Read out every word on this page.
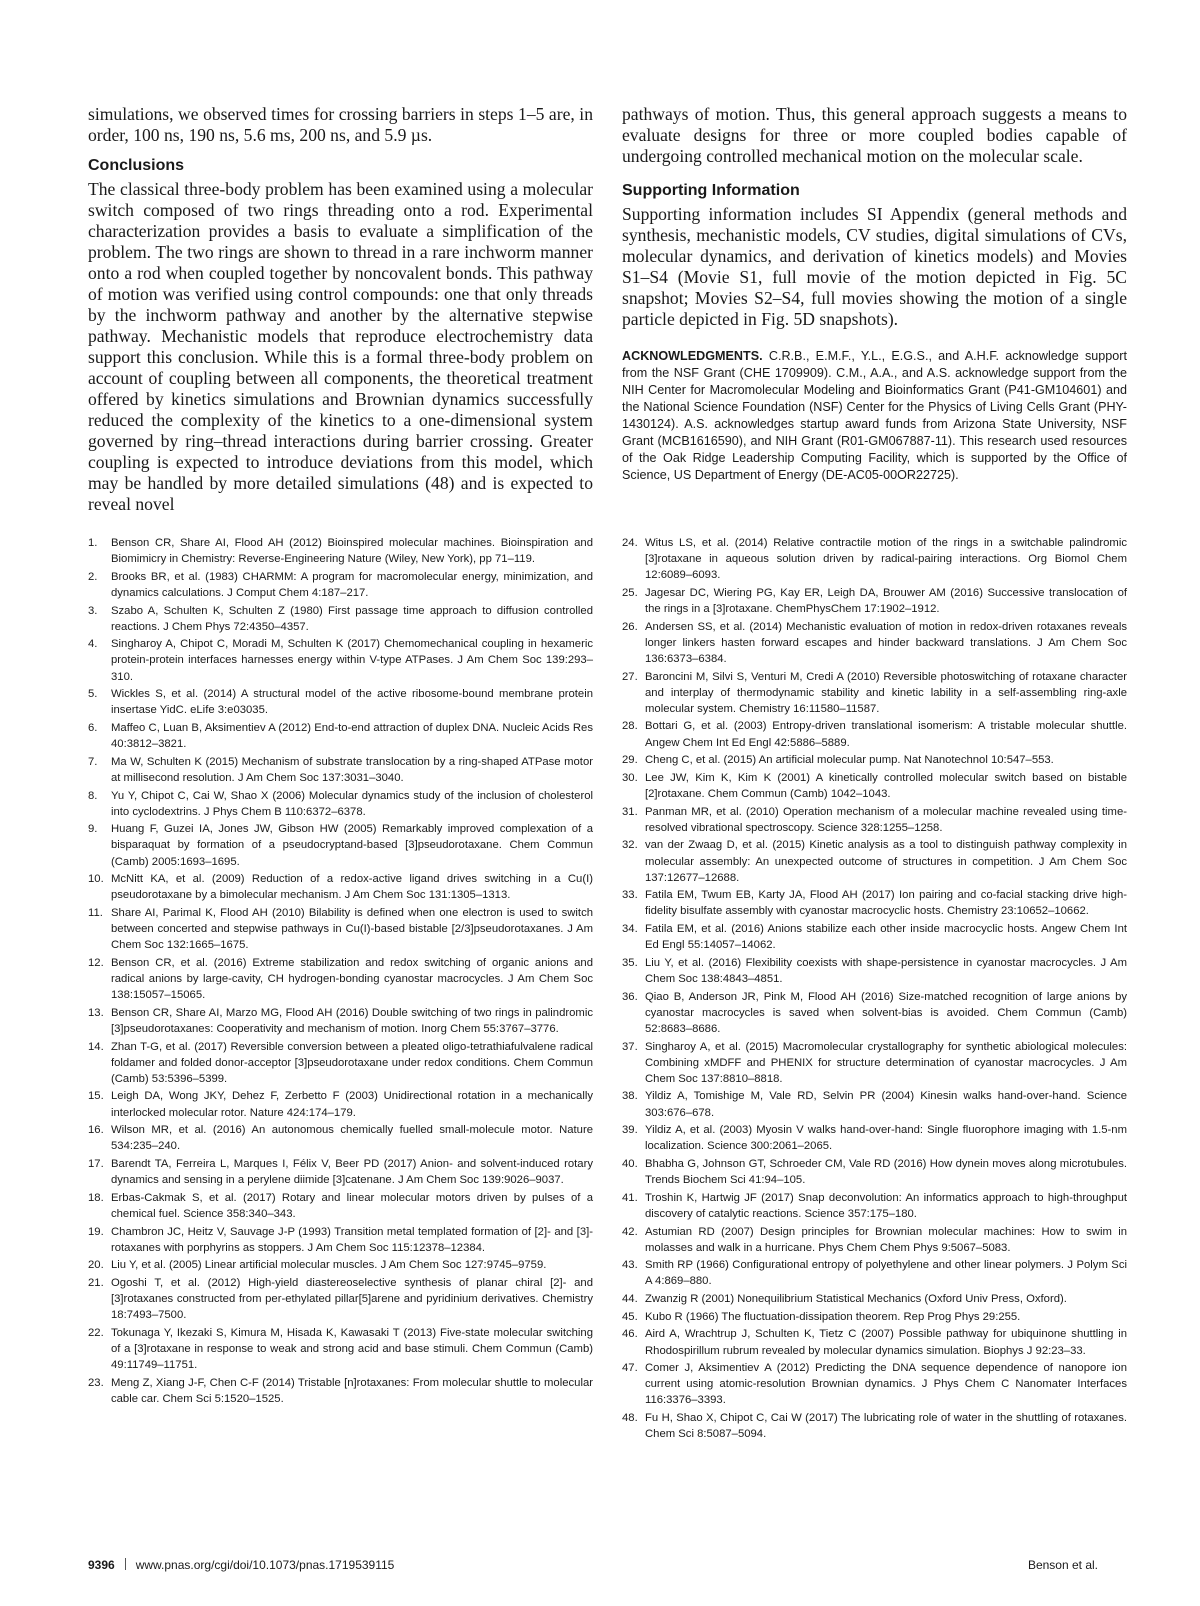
simulations, we observed times for crossing barriers in steps 1–5 are, in order, 100 ns, 190 ns, 5.6 ms, 200 ns, and 5.9 µs.

Conclusions

The classical three-body problem has been examined using a molecular switch composed of two rings threading onto a rod. Experimental characterization provides a basis to evaluate a simplification of the problem. The two rings are shown to thread in a rare inchworm manner onto a rod when coupled together by noncovalent bonds. This pathway of motion was verified using control compounds: one that only threads by the inchworm pathway and another by the alternative stepwise pathway. Mechanistic models that reproduce electrochemistry data support this conclusion. While this is a formal three-body problem on account of coupling between all components, the theoretical treatment offered by kinetics simulations and Brownian dynamics successfully reduced the complexity of the kinetics to a one-dimensional system governed by ring–thread interactions during barrier crossing. Greater coupling is expected to introduce deviations from this model, which may be handled by more detailed simulations (48) and is expected to reveal novel

pathways of motion. Thus, this general approach suggests a means to evaluate designs for three or more coupled bodies capable of undergoing controlled mechanical motion on the molecular scale.

Supporting Information

Supporting information includes SI Appendix (general methods and synthesis, mechanistic models, CV studies, digital simulations of CVs, molecular dynamics, and derivation of kinetics models) and Movies S1–S4 (Movie S1, full movie of the motion depicted in Fig. 5C snapshot; Movies S2–S4, full movies showing the motion of a single particle depicted in Fig. 5D snapshots).

ACKNOWLEDGMENTS. C.R.B., E.M.F., Y.L., E.G.S., and A.H.F. acknowledge support from the NSF Grant (CHE 1709909). C.M., A.A., and A.S. acknowledge support from the NIH Center for Macromolecular Modeling and Bioinformatics Grant (P41-GM104601) and the National Science Foundation (NSF) Center for the Physics of Living Cells Grant (PHY-1430124). A.S. acknowledges startup award funds from Arizona State University, NSF Grant (MCB1616590), and NIH Grant (R01-GM067887-11). This research used resources of the Oak Ridge Leadership Computing Facility, which is supported by the Office of Science, US Department of Energy (DE-AC05-00OR22725).

1. Benson CR, Share AI, Flood AH (2012) Bioinspired molecular machines. Bioinspiration and Biomimicry in Chemistry: Reverse-Engineering Nature (Wiley, New York), pp 71–119.
2. Brooks BR, et al. (1983) CHARMM: A program for macromolecular energy, minimization, and dynamics calculations. J Comput Chem 4:187–217.
3. Szabo A, Schulten K, Schulten Z (1980) First passage time approach to diffusion controlled reactions. J Chem Phys 72:4350–4357.
4. Singharoy A, Chipot C, Moradi M, Schulten K (2017) Chemomechanical coupling in hexameric protein-protein interfaces harnesses energy within V-type ATPases. J Am Chem Soc 139:293–310.
5. Wickles S, et al. (2014) A structural model of the active ribosome-bound membrane protein insertase YidC. eLife 3:e03035.
6. Maffeo C, Luan B, Aksimentiev A (2012) End-to-end attraction of duplex DNA. Nucleic Acids Res 40:3812–3821.
7. Ma W, Schulten K (2015) Mechanism of substrate translocation by a ring-shaped ATPase motor at millisecond resolution. J Am Chem Soc 137:3031–3040.
8. Yu Y, Chipot C, Cai W, Shao X (2006) Molecular dynamics study of the inclusion of cholesterol into cyclodextrins. J Phys Chem B 110:6372–6378.
9. Huang F, Guzei IA, Jones JW, Gibson HW (2005) Remarkably improved complexation of a bisparaquat by formation of a pseudocryptand-based [3]pseudorotaxane. Chem Commun (Camb) 2005:1693–1695.
10. McNitt KA, et al. (2009) Reduction of a redox-active ligand drives switching in a Cu(I) pseudorotaxane by a bimolecular mechanism. J Am Chem Soc 131:1305–1313.
11. Share AI, Parimal K, Flood AH (2010) Bilability is defined when one electron is used to switch between concerted and stepwise pathways in Cu(I)-based bistable [2/3]pseudorotaxanes. J Am Chem Soc 132:1665–1675.
12. Benson CR, et al. (2016) Extreme stabilization and redox switching of organic anions and radical anions by large-cavity, CH hydrogen-bonding cyanostar macrocycles. J Am Chem Soc 138:15057–15065.
13. Benson CR, Share AI, Marzo MG, Flood AH (2016) Double switching of two rings in palindromic [3]pseudorotaxanes: Cooperativity and mechanism of motion. Inorg Chem 55:3767–3776.
14. Zhan T-G, et al. (2017) Reversible conversion between a pleated oligo-tetrathiafulvalene radical foldamer and folded donor-acceptor [3]pseudorotaxane under redox conditions. Chem Commun (Camb) 53:5396–5399.
15. Leigh DA, Wong JKY, Dehez F, Zerbetto F (2003) Unidirectional rotation in a mechanically interlocked molecular rotor. Nature 424:174–179.
16. Wilson MR, et al. (2016) An autonomous chemically fuelled small-molecule motor. Nature 534:235–240.
17. Barendt TA, Ferreira L, Marques I, Félix V, Beer PD (2017) Anion- and solvent-induced rotary dynamics and sensing in a perylene diimide [3]catenane. J Am Chem Soc 139:9026–9037.
18. Erbas-Cakmak S, et al. (2017) Rotary and linear molecular motors driven by pulses of a chemical fuel. Science 358:340–343.
19. Chambron JC, Heitz V, Sauvage J-P (1993) Transition metal templated formation of [2]- and [3]-rotaxanes with porphyrins as stoppers. J Am Chem Soc 115:12378–12384.
20. Liu Y, et al. (2005) Linear artificial molecular muscles. J Am Chem Soc 127:9745–9759.
21. Ogoshi T, et al. (2012) High-yield diastereoselective synthesis of planar chiral [2]- and [3]rotaxanes constructed from per-ethylated pillar[5]arene and pyridinium derivatives. Chemistry 18:7493–7500.
22. Tokunaga Y, Ikezaki S, Kimura M, Hisada K, Kawasaki T (2013) Five-state molecular switching of a [3]rotaxane in response to weak and strong acid and base stimuli. Chem Commun (Camb) 49:11749–11751.
23. Meng Z, Xiang J-F, Chen C-F (2014) Tristable [n]rotaxanes: From molecular shuttle to molecular cable car. Chem Sci 5:1520–1525.
24. Witus LS, et al. (2014) Relative contractile motion of the rings in a switchable palindromic [3]rotaxane in aqueous solution driven by radical-pairing interactions. Org Biomol Chem 12:6089–6093.
25. Jagesar DC, Wiering PG, Kay ER, Leigh DA, Brouwer AM (2016) Successive translocation of the rings in a [3]rotaxane. ChemPhysChem 17:1902–1912.
26. Andersen SS, et al. (2014) Mechanistic evaluation of motion in redox-driven rotaxanes reveals longer linkers hasten forward escapes and hinder backward translations. J Am Chem Soc 136:6373–6384.
27. Baroncini M, Silvi S, Venturi M, Credi A (2010) Reversible photoswitching of rotaxane character and interplay of thermodynamic stability and kinetic lability in a self-assembling ring-axle molecular system. Chemistry 16:11580–11587.
28. Bottari G, et al. (2003) Entropy-driven translational isomerism: A tristable molecular shuttle. Angew Chem Int Ed Engl 42:5886–5889.
29. Cheng C, et al. (2015) An artificial molecular pump. Nat Nanotechnol 10:547–553.
30. Lee JW, Kim K, Kim K (2001) A kinetically controlled molecular switch based on bistable [2]rotaxane. Chem Commun (Camb) 1042–1043.
31. Panman MR, et al. (2010) Operation mechanism of a molecular machine revealed using time-resolved vibrational spectroscopy. Science 328:1255–1258.
32. van der Zwaag D, et al. (2015) Kinetic analysis as a tool to distinguish pathway complexity in molecular assembly: An unexpected outcome of structures in competition. J Am Chem Soc 137:12677–12688.
33. Fatila EM, Twum EB, Karty JA, Flood AH (2017) Ion pairing and co-facial stacking drive high-fidelity bisulfate assembly with cyanostar macrocyclic hosts. Chemistry 23:10652–10662.
34. Fatila EM, et al. (2016) Anions stabilize each other inside macrocyclic hosts. Angew Chem Int Ed Engl 55:14057–14062.
35. Liu Y, et al. (2016) Flexibility coexists with shape-persistence in cyanostar macrocycles. J Am Chem Soc 138:4843–4851.
36. Qiao B, Anderson JR, Pink M, Flood AH (2016) Size-matched recognition of large anions by cyanostar macrocycles is saved when solvent-bias is avoided. Chem Commun (Camb) 52:8683–8686.
37. Singharoy A, et al. (2015) Macromolecular crystallography for synthetic abiological molecules: Combining xMDFF and PHENIX for structure determination of cyanostar macrocycles. J Am Chem Soc 137:8810–8818.
38. Yildiz A, Tomishige M, Vale RD, Selvin PR (2004) Kinesin walks hand-over-hand. Science 303:676–678.
39. Yildiz A, et al. (2003) Myosin V walks hand-over-hand: Single fluorophore imaging with 1.5-nm localization. Science 300:2061–2065.
40. Bhabha G, Johnson GT, Schroeder CM, Vale RD (2016) How dynein moves along microtubules. Trends Biochem Sci 41:94–105.
41. Troshin K, Hartwig JF (2017) Snap deconvolution: An informatics approach to high-throughput discovery of catalytic reactions. Science 357:175–180.
42. Astumian RD (2007) Design principles for Brownian molecular machines: How to swim in molasses and walk in a hurricane. Phys Chem Chem Phys 9:5067–5083.
43. Smith RP (1966) Configurational entropy of polyethylene and other linear polymers. J Polym Sci A 4:869–880.
44. Zwanzig R (2001) Nonequilibrium Statistical Mechanics (Oxford Univ Press, Oxford).
45. Kubo R (1966) The fluctuation-dissipation theorem. Rep Prog Phys 29:255.
46. Aird A, Wrachtrup J, Schulten K, Tietz C (2007) Possible pathway for ubiquinone shuttling in Rhodospirillum rubrum revealed by molecular dynamics simulation. Biophys J 92:23–33.
47. Comer J, Aksimentiev A (2012) Predicting the DNA sequence dependence of nanopore ion current using atomic-resolution Brownian dynamics. J Phys Chem C Nanomater Interfaces 116:3376–3393.
48. Fu H, Shao X, Chipot C, Cai W (2017) The lubricating role of water in the shuttling of rotaxanes. Chem Sci 8:5087–5094.
9396 www.pnas.org/cgi/doi/10.1073/pnas.1719539115	Benson et al.
